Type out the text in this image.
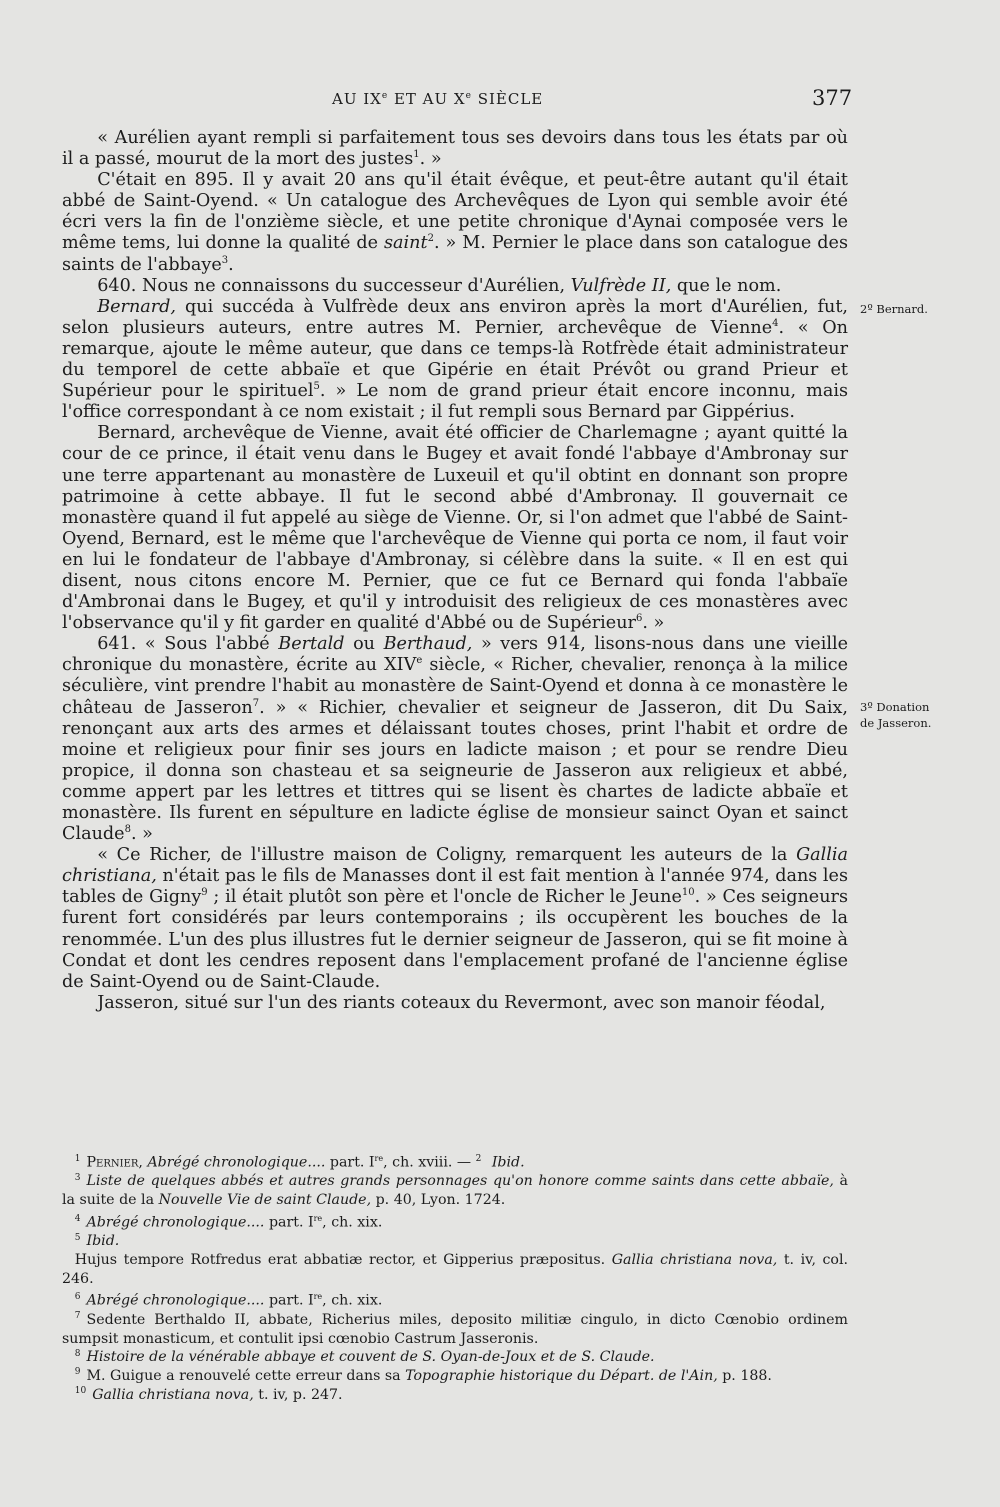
AU IXe ET AU Xe SIÈCLE	377
2º Bernard.
3º Donation
de Jasseron.

« Aurélien ayant rempli si parfaitement tous ses devoirs dans tous les états par où il a passé, mourut de la mort des justes$^1$. »

C'était en 895. Il y avait 20 ans qu'il était évêque, et peut-être autant qu'il était abbé de Saint-Oyend. « Un catalogue des Archevêques de Lyon qui semble avoir été écri vers la fin de l'onzième siècle, et une petite chronique d'Aynai composée vers le même tems, lui donne la qualité de saint$^2$. » M. Pernier le place dans son catalogue des saints de l'abbaye$^3$.

640. Nous ne connaissons du successeur d'Aurélien, Vulfrède II, que le nom.

Bernard, qui succéda à Vulfrède deux ans environ après la mort d'Aurélien, fut, selon plusieurs auteurs, entre autres M. Pernier, archevêque de Vienne$^4$. « On remarque, ajoute le même auteur, que dans ce temps-là Rotfrède était administrateur du temporel de cette abbaïe et que Gipérie en était Prévôt ou grand Prieur et Supérieur pour le spirituel$^5$. » Le nom de grand prieur était encore inconnu, mais l'office correspondant à ce nom existait ; il fut rempli sous Bernard par Gippérius.

Bernard, archevêque de Vienne, avait été officier de Charlemagne ; ayant quitté la cour de ce prince, il était venu dans le Bugey et avait fondé l'abbaye d'Ambronay sur une terre appartenant au monastère de Luxeuil et qu'il obtint en donnant son propre patrimoine à cette abbaye. Il fut le second abbé d'Ambronay. Il gouvernait ce monastère quand il fut appelé au siège de Vienne. Or, si l'on admet que l'abbé de Saint-Oyend, Bernard, est le même que l'archevêque de Vienne qui porta ce nom, il faut voir en lui le fondateur de l'abbaye d'Ambronay, si célèbre dans la suite. « Il en est qui disent, nous citons encore M. Pernier, que ce fut ce Bernard qui fonda l'abbaïe d'Ambronai dans le Bugey, et qu'il y introduisit des religieux de ces monastères avec l'observance qu'il y fit garder en qualité d'Abbé ou de Supérieur$^6$. »

641. « Sous l'abbé Bertald ou Berthaud, » vers 914, lisons-nous dans une vieille chronique du monastère, écrite au XIVe siècle, « Richer, chevalier, renonça à la milice séculière, vint prendre l'habit au monastère de Saint-Oyend et donna à ce monastère le château de Jasseron$^7$. » « Richier, chevalier et seigneur de Jasseron, dit Du Saix, renonçant aux arts des armes et délaissant toutes choses, print l'habit et ordre de moine et religieux pour finir ses jours en ladicte maison ; et pour se rendre Dieu propice, il donna son chasteau et sa seigneurie de Jasseron aux religieux et abbé, comme appert par les lettres et tittres qui se lisent ès chartes de ladicte abbaïe et monastère. Ils furent en sépulture en ladicte église de monsieur sainct Oyan et sainct Claude$^8$. »

« Ce Richer, de l'illustre maison de Coligny, remarquent les auteurs de la Gallia christiana, n'était pas le fils de Manasses dont il est fait mention à l'année 974, dans les tables de Gigny$^9$ ; il était plutôt son père et l'oncle de Richer le Jeune$^{10}$. » Ces seigneurs furent fort considérés par leurs contemporains ; ils occupèrent les bouches de la renommée. L'un des plus illustres fut le dernier seigneur de Jasseron, qui se fit moine à Condat et dont les cendres reposent dans l'emplacement profané de l'ancienne église de Saint-Oyend ou de Saint-Claude.

Jasseron, situé sur l'un des riants coteaux du Revermont, avec son manoir féodal,

$^1$ Pernier, Abrégé chronologique.... part. Ire, ch. xviii. — $^2$ Ibid.

$^3$ Liste de quelques abbés et autres grands personnages qu'on honore comme saints dans cette abbaïe, à la suite de la Nouvelle Vie de saint Claude, p. 40, Lyon. 1724.

$^4$ Abrégé chronologique.... part. Ire, ch. xix.

$^5$ Ibid.

Hujus tempore Rotfredus erat abbatiæ rector, et Gipperius præpositus. Gallia christiana nova, t. iv, col. 246.

$^6$ Abrégé chronologique.... part. Ire, ch. xix.

$^7$ Sedente Berthaldo II, abbate, Richerius miles, deposito militiæ cingulo, in dicto Cœnobio ordinem sumpsit monasticum, et contulit ipsi cœnobio Castrum Jasseronis.

$^8$ Histoire de la vénérable abbaye et couvent de S. Oyan-de-Joux et de S. Claude.

$^9$ M. Guigue a renouvelé cette erreur dans sa Topographie historique du Départ. de l'Ain, p. 188.

$^{10}$ Gallia christiana nova, t. iv, p. 247.
